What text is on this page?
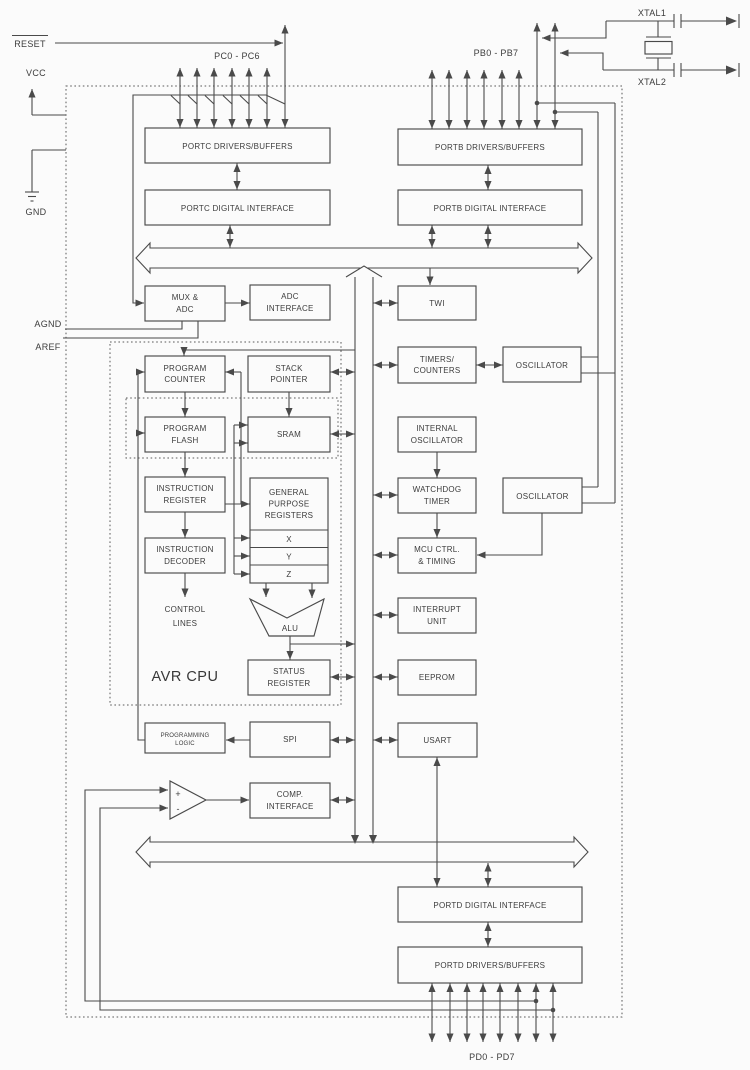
+
-
PORTC DRIVERS/BUFFERS	PORTB DRIVERS/BUFFERS
PORTC DIGITAL INTERFACE	PORTB DIGITAL INTERFACE
MUX &
ADC
ADC
INTERFACE
TWI
PROGRAM
COUNTER
STACK
POINTER
TIMERS/
COUNTERS
OSCILLATOR
PROGRAM
FLASH
SRAM
INTERNAL
OSCILLATOR
INSTRUCTION
REGISTER
GENERAL
PURPOSE
REGISTERS
X
Y
Z
WATCHDOG
TIMER
OSCILLATOR
INSTRUCTION
DECODER
MCU CTRL.
& TIMING
INTERRUPT
UNIT
ALU
STATUS
REGISTER
EEPROM
PROGRAMMING
LOGIC	SPI	USART
COMP.
INTERFACE
PORTD DIGITAL INTERFACE
PORTD DRIVERS/BUFFERS
RESET
VCC
GND
AGND
AREF
PC0 - PC6	PB0 - PB7
PD0 - PD7
XTAL1
XTAL2
CONTROL
LINES
AVR CPU
